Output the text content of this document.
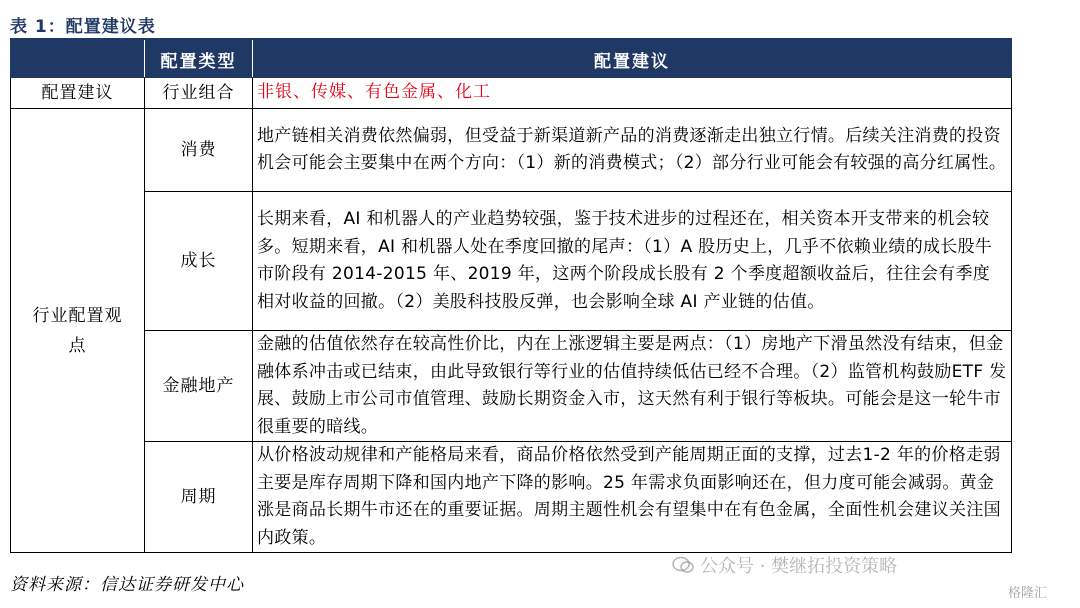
表 1：配置建议表
	配置类型	配置建议
配置建议	行业组合	非银、传媒、有色金属、化工
行业配置观点	消费	地产链相关消费依然偏弱，但受益于新渠道新产品的消费逐渐走出独立行情。后续关注消费的投资机会可能会主要集中在两个方向：（1）新的消费模式；（2）部分行业可能会有较强的高分红属性。
	成长	长期来看，AI 和机器人的产业趋势较强，鉴于技术进步的过程还在，相关资本开支带来的机会较多。短期来看，AI 和机器人处在季度回撤的尾声：（1）A 股历史上，几乎不依赖业绩的成长股牛市阶段有 2014-2015 年、2019 年，这两个阶段成长股有 2 个季度超额收益后，往往会有季度相对收益的回撤。（2）美股科技股反弹，也会影响全球 AI 产业链的估值。
	金融地产	金融的估值依然存在较高性价比，内在上涨逻辑主要是两点：（1）房地产下滑虽然没有结束，但金融体系冲击或已结束，由此导致银行等行业的估值持续低估已经不合理。（2）监管机构鼓励ETF 发展、鼓励上市公司市值管理、鼓励长期资金入市，这天然有利于银行等板块。可能会是这一轮牛市很重要的暗线。
	周期	从价格波动规律和产能格局来看，商品价格依然受到产能周期正面的支撑，过去1-2 年的价格走弱主要是库存周期下降和国内地产下降的影响。25 年需求负面影响还在，但力度可能会减弱。黄金涨是商品长期牛市还在的重要证据。周期主题性机会有望集中在有色金属，全面性机会建议关注国内政策。
资料来源：信达证券研发中心
公众号 · 樊继拓投资策略
格隆汇
